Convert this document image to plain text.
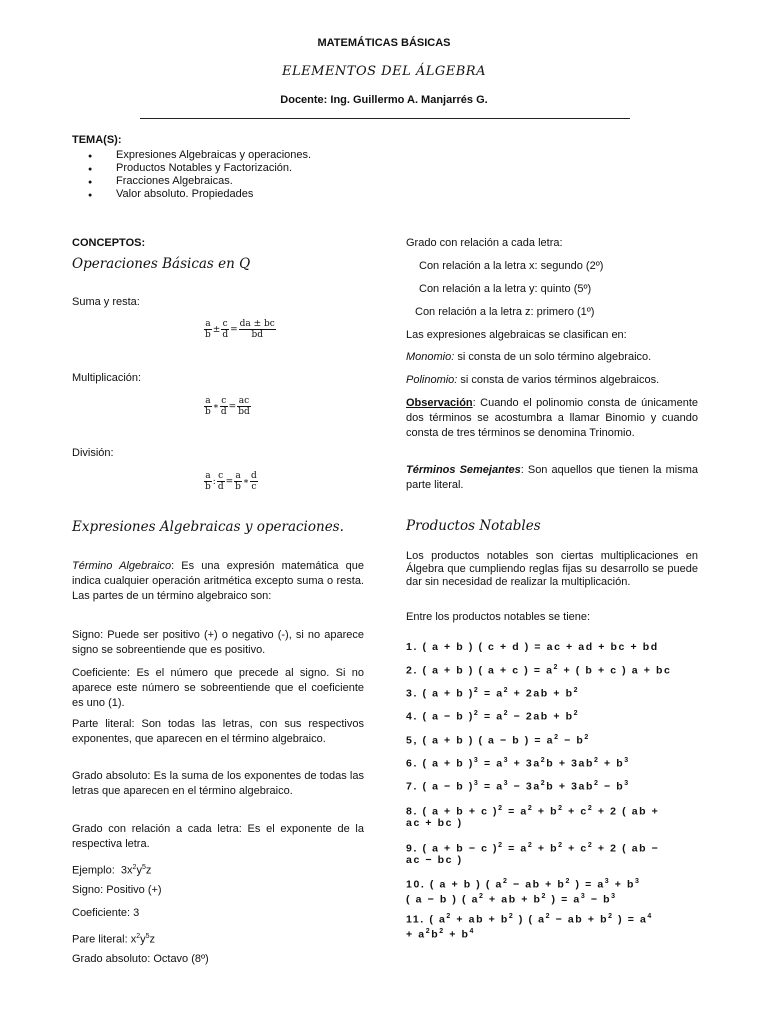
MATEMÁTICAS BÁSICAS
ELEMENTOS DEL ÁLGEBRA
Docente: Ing. Guillermo A. Manjarrés G.
TEMA(S):
● Expresiones Algebraicas y operaciones.
● Productos Notables y Factorización.
● Fracciones Algebraicas.
● Valor absoluto. Propiedades
CONCEPTOS:
Operaciones Básicas en Q
Suma y resta:
$\frac{a}{b} \pm \frac{c}{d} = \frac{da \pm bc}{bd}$
Multiplicación:
$\frac{a}{b}$ ∗ $\frac{c}{d} = \frac{ac}{bd}$
División:
$\frac{a}{b}$ : $\frac{c}{d} = \frac{a}{b}$ ∗ $\frac{d}{c}$
Expresiones Algebraicas y operaciones.
Término Algebraico: Es una expresión matemática que indica cualquier operación aritmética excepto suma o resta. Las partes de un término algebraico son:
Signo: Puede ser positivo (+) o negativo (-), si no aparece signo se sobreentiende que es positivo.
Coeficiente: Es el número que precede al signo. Si no aparece este número se sobreentiende que el coeficiente es uno (1).
Parte literal: Son todas las letras, con sus respectivos exponentes, que aparecen en el término algebraico.
Grado absoluto: Es la suma de los exponentes de todas las letras que aparecen en el término algebraico.
Grado con relación a cada letra: Es el exponente de la respectiva letra.
Ejemplo: $3x^2y^5z$
Signo: Positivo (+)
Coeficiente: 3
Pare literal: $x^2y^5z$
Grado absoluto: Octavo (8º)
Grado con relación a cada letra:
Con relación a la letra x: segundo (2º)
Con relación a la letra y: quinto (5º)
Con relación a la letra z: primero (1º)
Las expresiones algebraicas se clasifican en:
Monomio: si consta de un solo término algebraico.
Polinomio: si consta de varios términos algebraicos.
Observación: Cuando el polinomio consta de únicamente dos términos se acostumbra a llamar Binomio y cuando consta de tres términos se denomina Trinomio.
Términos Semejantes: Son aquellos que tienen la misma parte literal.
Productos Notables
Los productos notables son ciertas multiplicaciones en Álgebra que cumpliendo reglas fijas su desarrollo se puede dar sin necesidad de realizar la multiplicación.
Entre los productos notables se tiene:
1. ( a + b ) ( c + d ) = ac + ad + bc + bd
2. ( a + b ) ( a + c ) = $a^2$ + ( b + c ) a + bc
3. ( a + b )$^2 = a^2 + 2ab + b^2$
4. ( a − b )$^2 = a^2 - 2ab + b^2$
5, ( a + b ) ( a − b ) = $a^2 - b^2$
6. ( a + b )$^3 = a^3 + 3a^2b + 3ab^2 + b^3$
7. ( a − b )$^3 = a^3 - 3a^2b + 3ab^2 - b^3$
8. ( a + b + c )$^2 = a^2 + b^2 + c^2 + 2$ ( ab +
ac + bc )
9. ( a + b − c )$^2 = a^2 + b^2 + c^2 + 2$ ( ab −
ac − bc )
10. ( a + b ) ( $a^2$ − ab + $b^2$ ) = $a^3 + b^3$
( a − b ) ( $a^2$ + ab + $b^2$ ) = $a^3 - b^3$
11. ( $a^2$ + ab + $b^2$ ) ( $a^2$ − ab + $b^2$ ) = $a^4$
+ $a^2b^2 + b^4$
